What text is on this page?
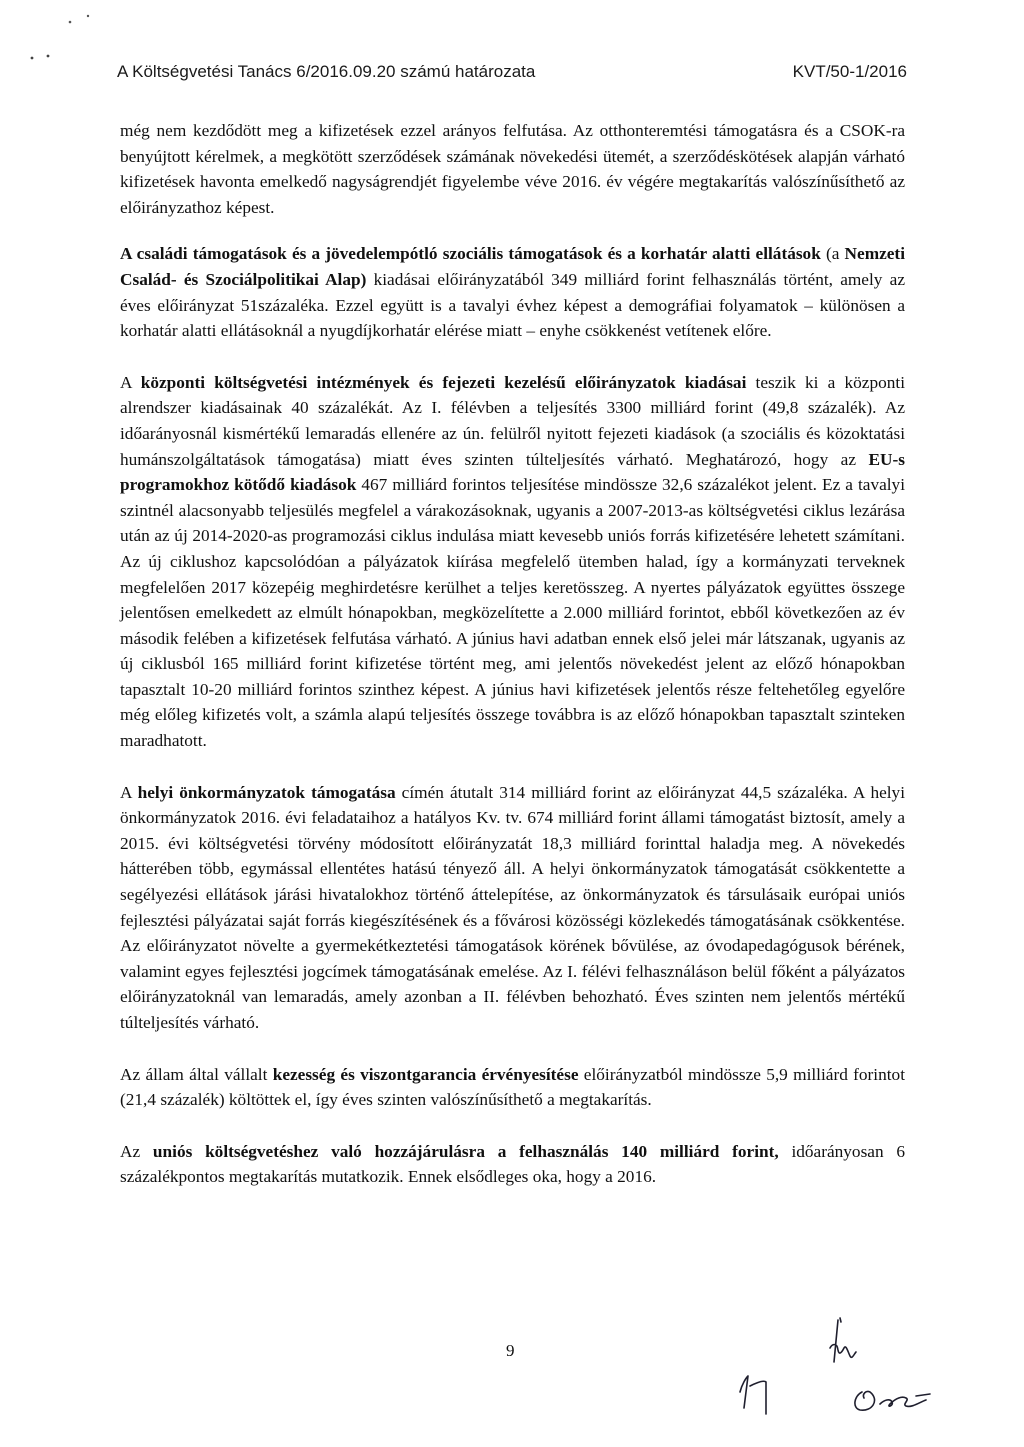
A Költségvetési Tanács 6/2016.09.20 számú határozata	KVT/50-1/2016

még nem kezdődött meg a kifizetések ezzel arányos felfutása. Az otthonteremtési támogatásra és a CSOK-ra benyújtott kérelmek, a megkötött szerződések számának növekedési ütemét, a szerződéskötések alapján várható kifizetések havonta emelkedő nagyságrendjét figyelembe véve 2016. év végére megtakarítás valószínűsíthető az előirányzathoz képest.

A családi támogatások és a jövedelempótló szociális támogatások és a korhatár alatti ellátások (a Nemzeti Család- és Szociálpolitikai Alap) kiadásai előirányzatából 349 milliárd forint felhasználás történt, amely az éves előirányzat 51százaléka. Ezzel együtt is a tavalyi évhez képest a demográfiai folyamatok – különösen a korhatár alatti ellátásoknál a nyugdíjkorhatár elérése miatt – enyhe csökkenést vetítenek előre.

A központi költségvetési intézmények és fejezeti kezelésű előirányzatok kiadásai teszik ki a központi alrendszer kiadásainak 40 százalékát. Az I. félévben a teljesítés 3300 milliárd forint (49,8 százalék). Az időarányosnál kismértékű lemaradás ellenére az ún. felülről nyitott fejezeti kiadások (a szociális és közoktatási humánszolgáltatások támogatása) miatt éves szinten túlteljesítés várható. Meghatározó, hogy az EU-s programokhoz kötődő kiadások 467 milliárd forintos teljesítése mindössze 32,6 százalékot jelent. Ez a tavalyi szintnél alacsonyabb teljesülés megfelel a várakozásoknak, ugyanis a 2007-2013-as költségvetési ciklus lezárása után az új 2014-2020-as programozási ciklus indulása miatt kevesebb uniós forrás kifizetésére lehetett számítani. Az új ciklushoz kapcsolódóan a pályázatok kiírása megfelelő ütemben halad, így a kormányzati terveknek megfelelően 2017 közepéig meghirdetésre kerülhet a teljes keretösszeg. A nyertes pályázatok együttes összege jelentősen emelkedett az elmúlt hónapokban, megközelítette a 2.000 milliárd forintot, ebből következően az év második felében a kifizetések felfutása várható. A június havi adatban ennek első jelei már látszanak, ugyanis az új ciklusból 165 milliárd forint kifizetése történt meg, ami jelentős növekedést jelent az előző hónapokban tapasztalt 10-20 milliárd forintos szinthez képest. A június havi kifizetések jelentős része feltehetőleg egyelőre még előleg kifizetés volt, a számla alapú teljesítés összege továbbra is az előző hónapokban tapasztalt szinteken maradhatott.

A helyi önkormányzatok támogatása címén átutalt 314 milliárd forint az előirányzat 44,5 százaléka. A helyi önkormányzatok 2016. évi feladataihoz a hatályos Kv. tv. 674 milliárd forint állami támogatást biztosít, amely a 2015. évi költségvetési törvény módosított előirányzatát 18,3 milliárd forinttal haladja meg. A növekedés hátterében több, egymással ellentétes hatású tényező áll. A helyi önkormányzatok támogatását csökkentette a segélyezési ellátások járási hivatalokhoz történő áttelepítése, az önkormányzatok és társulásaik európai uniós fejlesztési pályázatai saját forrás kiegészítésének és a fővárosi közösségi közlekedés támogatásának csökkentése. Az előirányzatot növelte a gyermekétkeztetési támogatások körének bővülése, az óvodapedagógusok bérének, valamint egyes fejlesztési jogcímek támogatásának emelése. Az I. félévi felhasználáson belül főként a pályázatos előirányzatoknál van lemaradás, amely azonban a II. félévben behozható. Éves szinten nem jelentős mértékű túlteljesítés várható.

Az állam által vállalt kezesség és viszontgarancia érvényesítése előirányzatból mindössze 5,9 milliárd forintot (21,4 százalék) költöttek el, így éves szinten valószínűsíthető a megtakarítás.

Az uniós költségvetéshez való hozzájárulásra a felhasználás 140 milliárd forint, időarányosan 6 százalékpontos megtakarítás mutatkozik. Ennek elsődleges oka, hogy a 2016.

9
